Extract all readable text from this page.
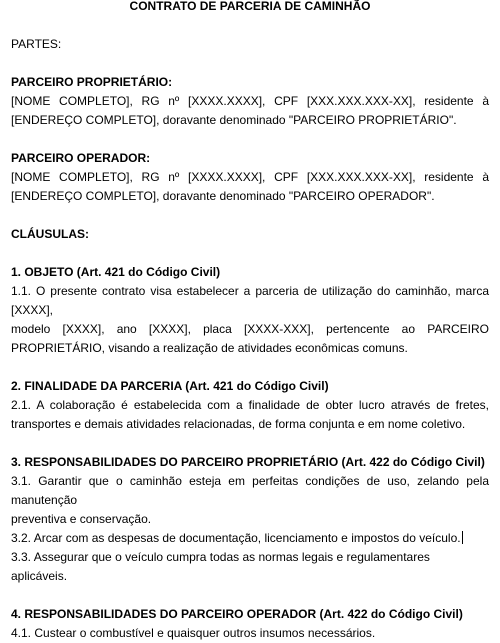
CONTRATO DE PARCERIA DE CAMINHÃO

PARTES:

PARCEIRO PROPRIETÁRIO:

[NOME COMPLETO], RG nº [XXXX.XXXX], CPF [XXX.XXX.XXX-XX], residente à

[ENDEREÇO COMPLETO], doravante denominado "PARCEIRO PROPRIETÁRIO".

PARCEIRO OPERADOR:

[NOME COMPLETO], RG nº [XXXX.XXXX], CPF [XXX.XXX.XXX-XX], residente à

[ENDEREÇO COMPLETO], doravante denominado "PARCEIRO OPERADOR".

CLÁUSULAS:

1. OBJETO (Art. 421 do Código Civil)

1.1. O presente contrato visa estabelecer a parceria de utilização do caminhão, marca [XXXX],

modelo [XXXX], ano [XXXX], placa [XXXX-XXX], pertencente ao PARCEIRO

PROPRIETÁRIO, visando a realização de atividades econômicas comuns.

2. FINALIDADE DA PARCERIA (Art. 421 do Código Civil)

2.1. A colaboração é estabelecida com a finalidade de obter lucro através de fretes,

transportes e demais atividades relacionadas, de forma conjunta e em nome coletivo.

3. RESPONSABILIDADES DO PARCEIRO PROPRIETÁRIO (Art. 422 do Código Civil)

3.1. Garantir que o caminhão esteja em perfeitas condições de uso, zelando pela manutenção

preventiva e conservação.

3.2. Arcar com as despesas de documentação, licenciamento e impostos do veículo.

3.3. Assegurar que o veículo cumpra todas as normas legais e regulamentares aplicáveis.

4. RESPONSABILIDADES DO PARCEIRO OPERADOR (Art. 422 do Código Civil)

4.1. Custear o combustível e quaisquer outros insumos necessários.
